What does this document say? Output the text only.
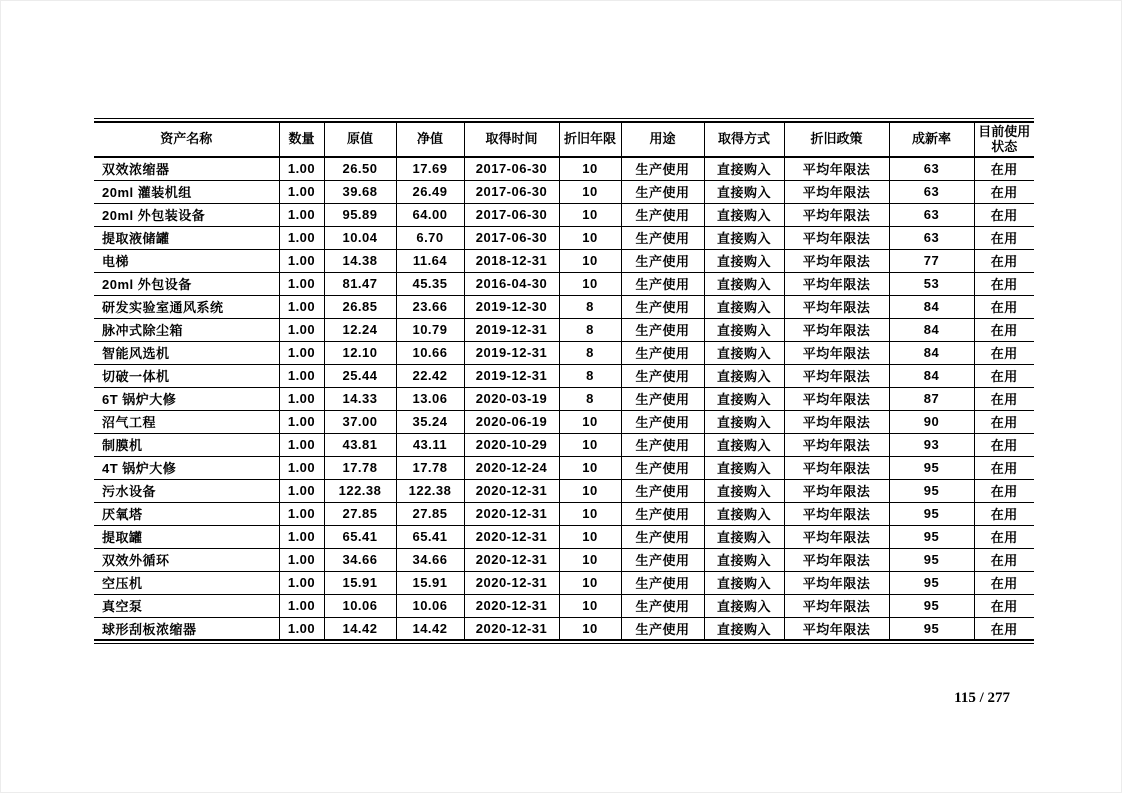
资产名称	数量	原值	净值	取得时间	折旧年限	用途	取得方式	折旧政策	成新率	目前使用状态
双效浓缩器	1.00	26.50	17.69	2017-06-30	10	生产使用	直接购入	平均年限法	63	在用
20ml 灌装机组	1.00	39.68	26.49	2017-06-30	10	生产使用	直接购入	平均年限法	63	在用
20ml 外包装设备	1.00	95.89	64.00	2017-06-30	10	生产使用	直接购入	平均年限法	63	在用
提取液储罐	1.00	10.04	6.70	2017-06-30	10	生产使用	直接购入	平均年限法	63	在用
电梯	1.00	14.38	11.64	2018-12-31	10	生产使用	直接购入	平均年限法	77	在用
20ml 外包设备	1.00	81.47	45.35	2016-04-30	10	生产使用	直接购入	平均年限法	53	在用
研发实验室通风系统	1.00	26.85	23.66	2019-12-30	8	生产使用	直接购入	平均年限法	84	在用
脉冲式除尘箱	1.00	12.24	10.79	2019-12-31	8	生产使用	直接购入	平均年限法	84	在用
智能风选机	1.00	12.10	10.66	2019-12-31	8	生产使用	直接购入	平均年限法	84	在用
切破一体机	1.00	25.44	22.42	2019-12-31	8	生产使用	直接购入	平均年限法	84	在用
6T 锅炉大修	1.00	14.33	13.06	2020-03-19	8	生产使用	直接购入	平均年限法	87	在用
沼气工程	1.00	37.00	35.24	2020-06-19	10	生产使用	直接购入	平均年限法	90	在用
制膜机	1.00	43.81	43.11	2020-10-29	10	生产使用	直接购入	平均年限法	93	在用
4T 锅炉大修	1.00	17.78	17.78	2020-12-24	10	生产使用	直接购入	平均年限法	95	在用
污水设备	1.00	122.38	122.38	2020-12-31	10	生产使用	直接购入	平均年限法	95	在用
厌氧塔	1.00	27.85	27.85	2020-12-31	10	生产使用	直接购入	平均年限法	95	在用
提取罐	1.00	65.41	65.41	2020-12-31	10	生产使用	直接购入	平均年限法	95	在用
双效外循环	1.00	34.66	34.66	2020-12-31	10	生产使用	直接购入	平均年限法	95	在用
空压机	1.00	15.91	15.91	2020-12-31	10	生产使用	直接购入	平均年限法	95	在用
真空泵	1.00	10.06	10.06	2020-12-31	10	生产使用	直接购入	平均年限法	95	在用
球形刮板浓缩器	1.00	14.42	14.42	2020-12-31	10	生产使用	直接购入	平均年限法	95	在用
115 / 277
